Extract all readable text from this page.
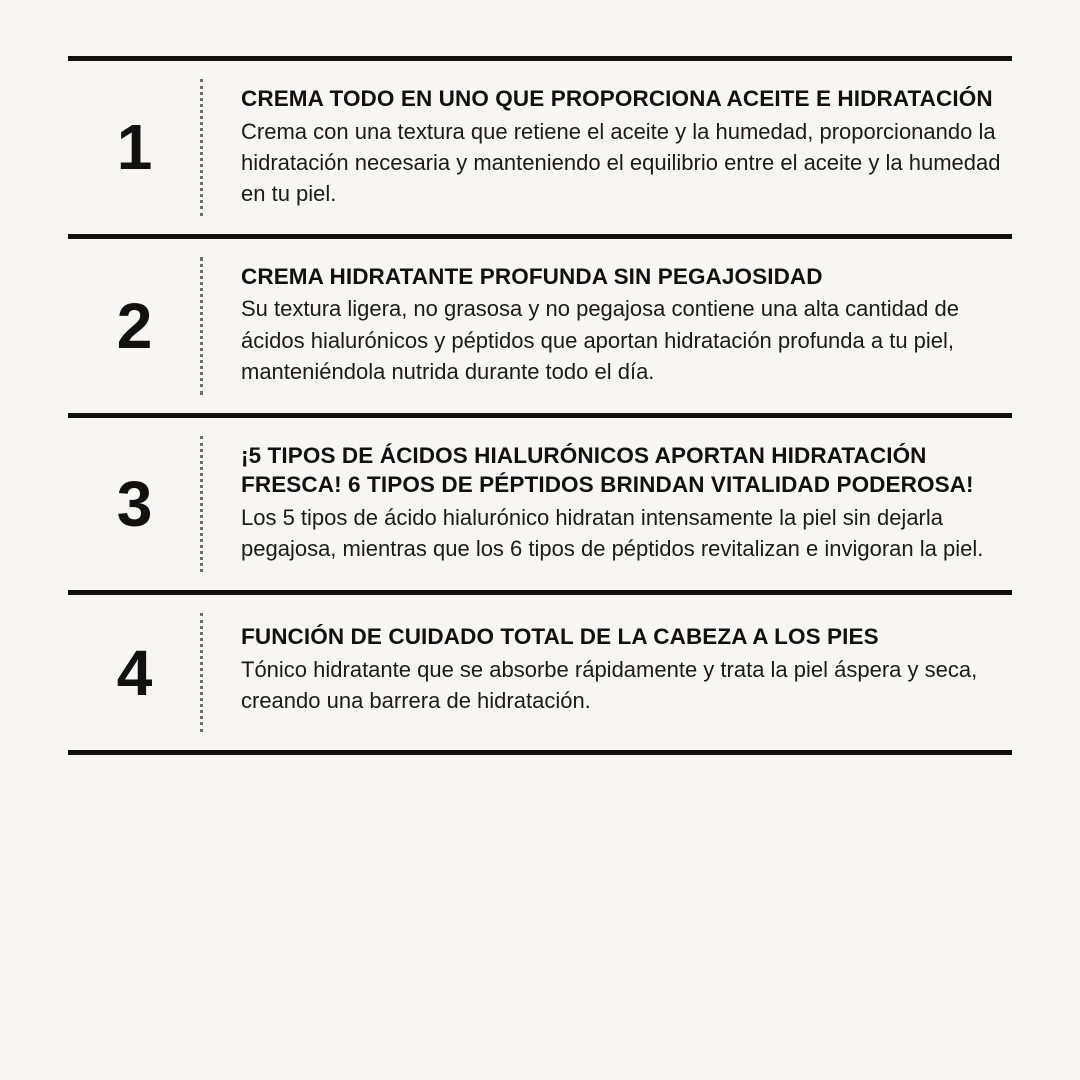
1
CREMA TODO EN UNO QUE PROPORCIONA ACEITE E HIDRATACIÓN

Crema con una textura que retiene el aceite y la humedad, proporcionando la hidratación necesaria y manteniendo el equilibrio entre el aceite y la humedad en tu piel.

2
CREMA HIDRATANTE PROFUNDA SIN PEGAJOSIDAD

Su textura ligera, no grasosa y no pegajosa contiene una alta cantidad de ácidos hialurónicos y péptidos que aportan hidratación profunda a tu piel, manteniéndola nutrida durante todo el día.

3
¡5 TIPOS DE ÁCIDOS HIALURÓNICOS APORTAN HIDRATACIÓN FRESCA! 6 TIPOS DE PÉPTIDOS BRINDAN VITALIDAD PODEROSA!

Los 5 tipos de ácido hialurónico hidratan intensamente la piel sin dejarla pegajosa, mientras que los 6 tipos de péptidos revitalizan e invigoran la piel.

4
FUNCIÓN DE CUIDADO TOTAL DE LA CABEZA A LOS PIES

Tónico hidratante que se absorbe rápidamente y trata la piel áspera y seca, creando una barrera de hidratación.
